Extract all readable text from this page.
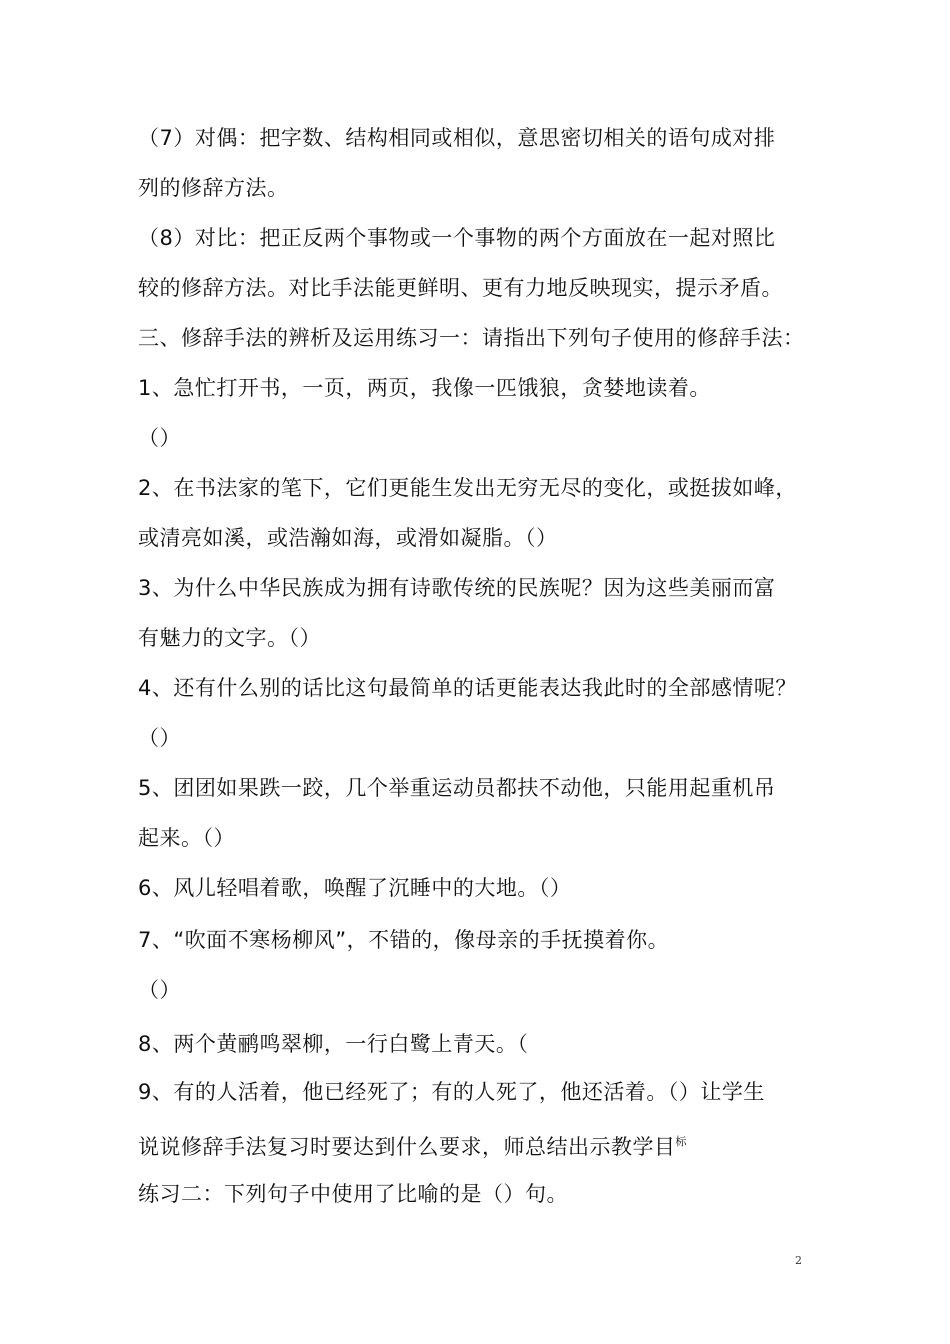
（7）对偶：把字数、结构相同或相似，意思密切相关的语句成对排
列的修辞方法。
（8）对比：把正反两个事物或一个事物的两个方面放在一起对照比
较的修辞方法。对比手法能更鲜明、更有力地反映现实，提示矛盾。
三、修辞手法的辨析及运用练习一：请指出下列句子使用的修辞手法：
1、急忙打开书，一页，两页，我像一匹饿狼，贪婪地读着。
（）
2、在书法家的笔下，它们更能生发出无穷无尽的变化，或挺拔如峰，
或清亮如溪，或浩瀚如海，或滑如凝脂。（）
3、为什么中华民族成为拥有诗歌传统的民族呢？因为这些美丽而富
有魅力的文字。（）
4、还有什么别的话比这句最简单的话更能表达我此时的全部感情呢？
（）
5、团团如果跌一跤，几个举重运动员都扶不动他，只能用起重机吊
起来。（）
6、风儿轻唱着歌，唤醒了沉睡中的大地。（）
7、“吹面不寒杨柳风”，不错的，像母亲的手抚摸着你。
（）
8、两个黄鹂鸣翠柳，一行白鹭上青天。（
9、有的人活着，他已经死了；有的人死了，他还活着。（）让学生
说说修辞手法复习时要达到什么要求，师总结出示教学目$^标$
练习二：下列句子中使用了比喻的是（）句。
2
